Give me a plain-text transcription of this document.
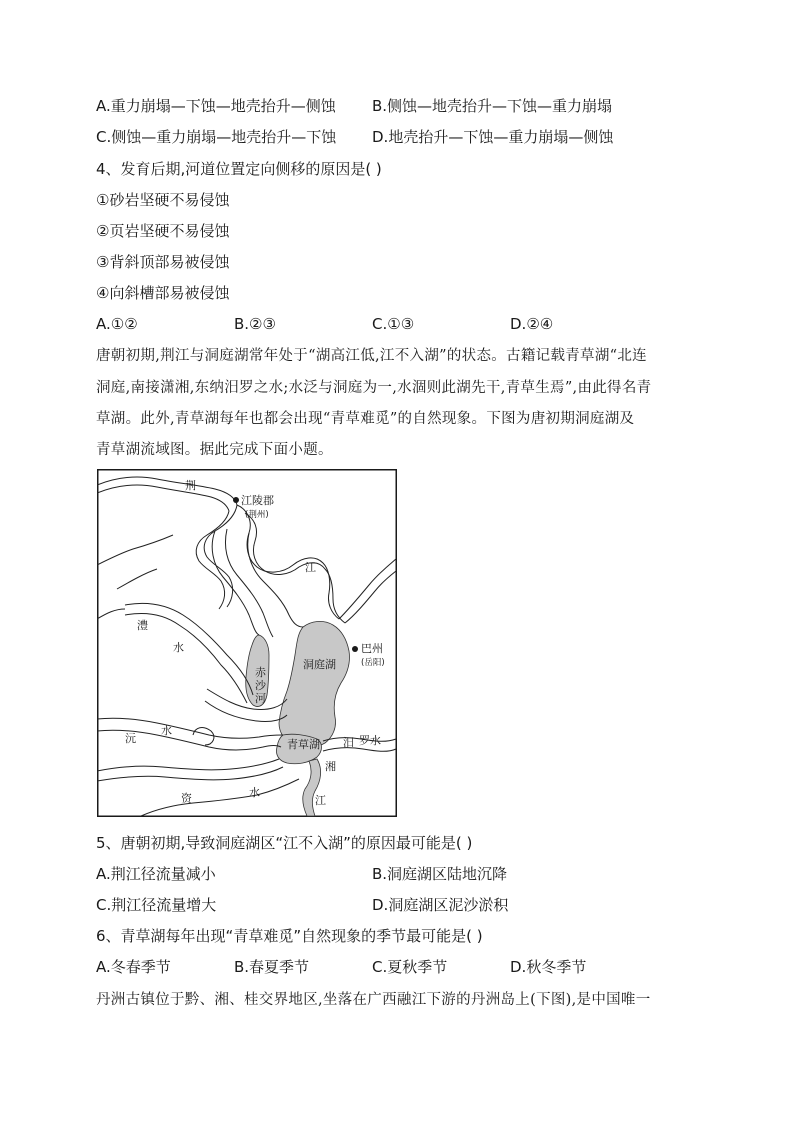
A.重力崩塌—下蚀—地壳抬升—侧蚀 B.侧蚀—地壳抬升—下蚀—重力崩塌
C.侧蚀—重力崩塌—地壳抬升—下蚀 D.地壳抬升—下蚀—重力崩塌—侧蚀
4、发育后期,河道位置定向侧移的原因是( )
①砂岩坚硬不易侵蚀
②页岩坚硬不易侵蚀
③背斜顶部易被侵蚀
④向斜槽部易被侵蚀
A.①②	B.②③	C.①③	D.②④
唐朝初期,荆江与洞庭湖常年处于“湖高江低,江不入湖”的状态。古籍记载青草湖“北连
洞庭,南接潇湘,东纳汨罗之水;水泛与洞庭为一,水涸则此湖先干,青草生焉”,由此得名青
草湖。此外,青草湖每年也都会出现“青草难觅”的自然现象。下图为唐初期洞庭湖及
青草湖流域图。据此完成下面小题。
荆
江陵郡
(荆州)
江
澧
水
赤
沙
河
洞庭湖
巴州
(岳阳)
沅
水
青草湖 汨 罗水
湘
江
资	水
5、唐朝初期,导致洞庭湖区“江不入湖”的原因最可能是( )
A.荆江径流量减小	B.洞庭湖区陆地沉降
C.荆江径流量增大	D.洞庭湖区泥沙淤积
6、青草湖每年出现“青草难觅”自然现象的季节最可能是( )
A.冬春季节	B.春夏季节	C.夏秋季节	D.秋冬季节
丹洲古镇位于黔、湘、桂交界地区,坐落在广西融江下游的丹洲岛上(下图),是中国唯一
